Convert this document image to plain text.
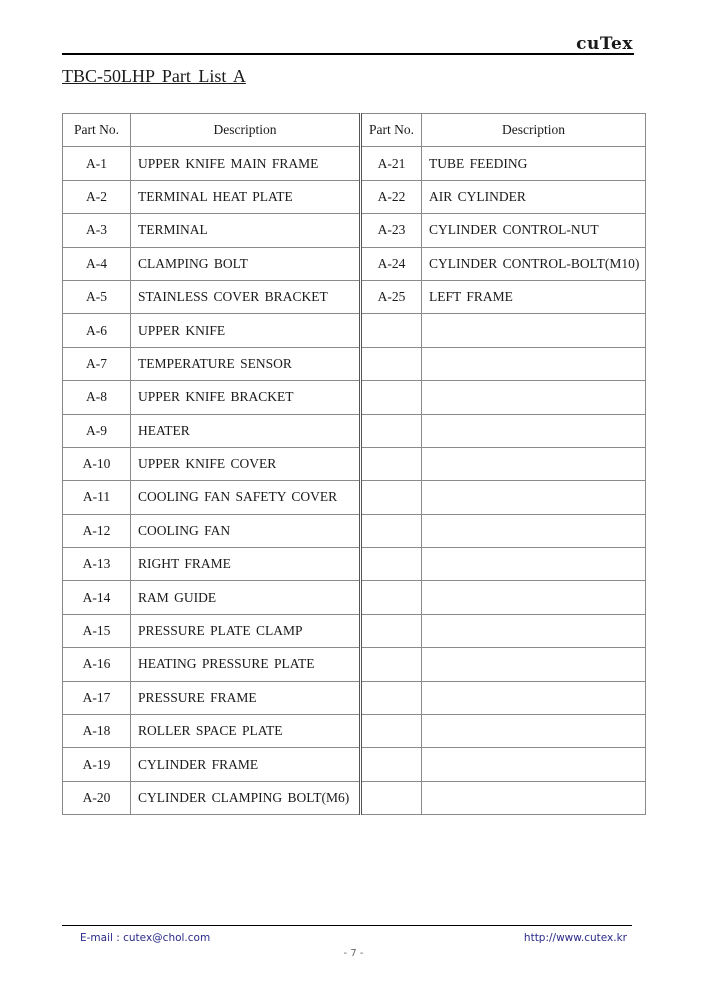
cuTex
TBC-50LHP Part List A
Part No.	Description	Part No.	Description
A-1	UPPER KNIFE MAIN FRAME	A-21	TUBE FEEDING
A-2	TERMINAL HEAT PLATE	A-22	AIR CYLINDER
A-3	TERMINAL	A-23	CYLINDER CONTROL-NUT
A-4	CLAMPING BOLT	A-24	CYLINDER CONTROL-BOLT(M10)
A-5	STAINLESS COVER BRACKET	A-25	LEFT FRAME
A-6	UPPER KNIFE		
A-7	TEMPERATURE SENSOR		
A-8	UPPER KNIFE BRACKET		
A-9	HEATER		
A-10	UPPER KNIFE COVER		
A-11	COOLING FAN SAFETY COVER		
A-12	COOLING FAN		
A-13	RIGHT FRAME		
A-14	RAM GUIDE		
A-15	PRESSURE PLATE CLAMP		
A-16	HEATING PRESSURE PLATE		
A-17	PRESSURE FRAME		
A-18	ROLLER SPACE PLATE		
A-19	CYLINDER FRAME		
A-20	CYLINDER CLAMPING BOLT(M6)		
E-mail : cutex@chol.com	http://www.cutex.kr
- 7 -
